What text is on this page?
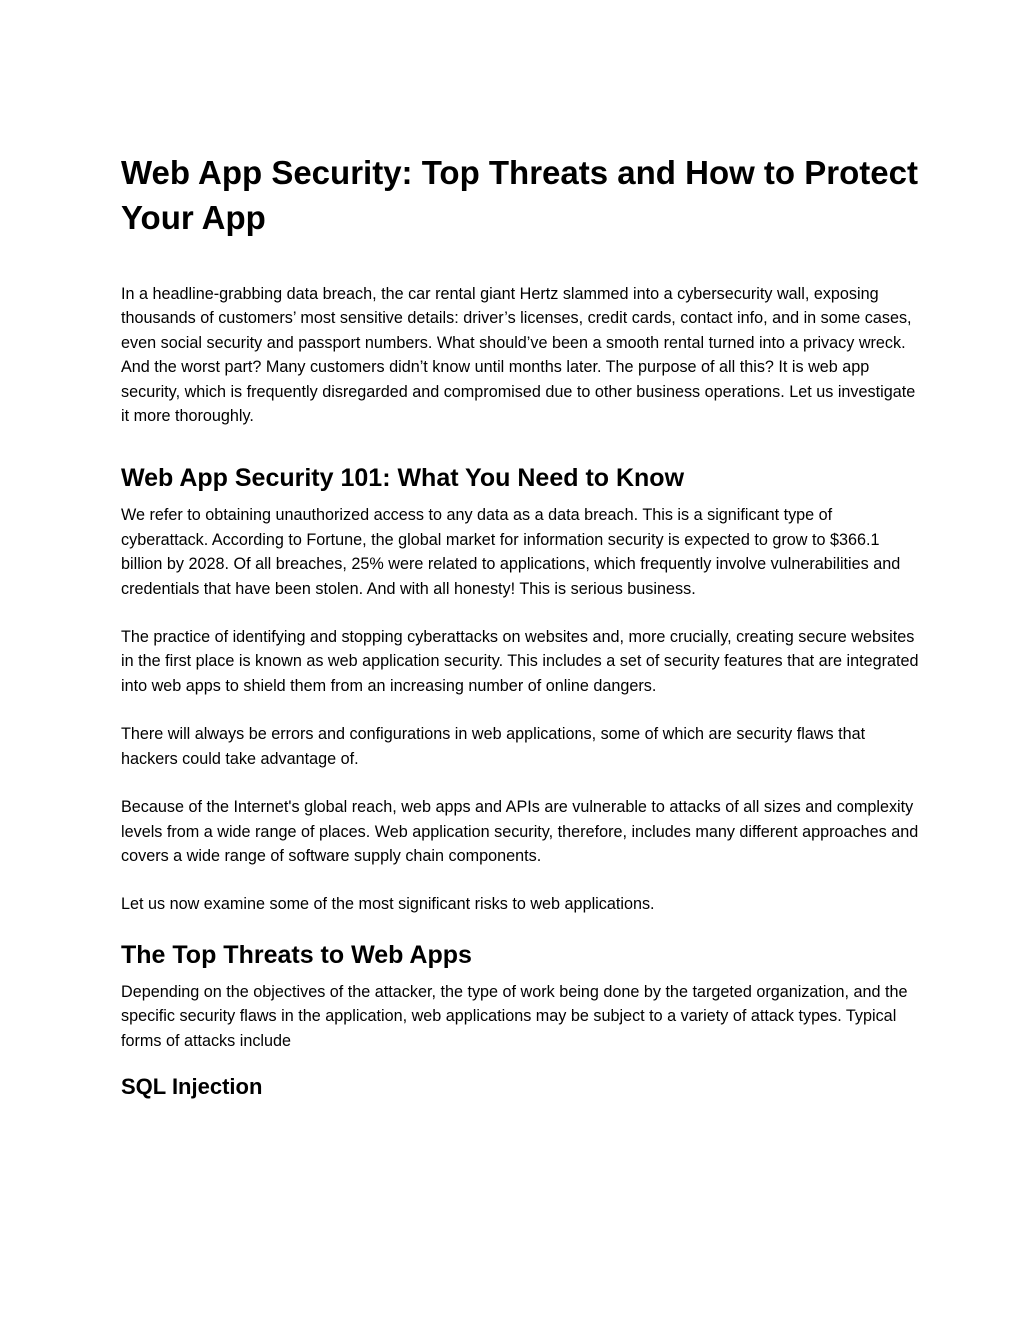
Web App Security: Top Threats and How to Protect Your App

In a headline-grabbing data breach, the car rental giant Hertz slammed into a cybersecurity wall, exposing thousands of customers’ most sensitive details: driver’s licenses, credit cards, contact info, and in some cases, even social security and passport numbers. What should’ve been a smooth rental turned into a privacy wreck. And the worst part? Many customers didn’t know until months later. The purpose of all this? It is web app security, which is frequently disregarded and compromised due to other business operations. Let us investigate it more thoroughly.

Web App Security 101: What You Need to Know

We refer to obtaining unauthorized access to any data as a data breach. This is a significant type of cyberattack. According to Fortune, the global market for information security is expected to grow to $366.1 billion by 2028. Of all breaches, 25% were related to applications, which frequently involve vulnerabilities and credentials that have been stolen. And with all honesty! This is serious business.

The practice of identifying and stopping cyberattacks on websites and, more crucially, creating secure websites in the first place is known as web application security. This includes a set of security features that are integrated into web apps to shield them from an increasing number of online dangers.

There will always be errors and configurations in web applications, some of which are security flaws that hackers could take advantage of.

Because of the Internet's global reach, web apps and APIs are vulnerable to attacks of all sizes and complexity levels from a wide range of places. Web application security, therefore, includes many different approaches and covers a wide range of software supply chain components.

Let us now examine some of the most significant risks to web applications.

The Top Threats to Web Apps

Depending on the objectives of the attacker, the type of work being done by the targeted organization, and the specific security flaws in the application, web applications may be subject to a variety of attack types. Typical forms of attacks include

SQL Injection
